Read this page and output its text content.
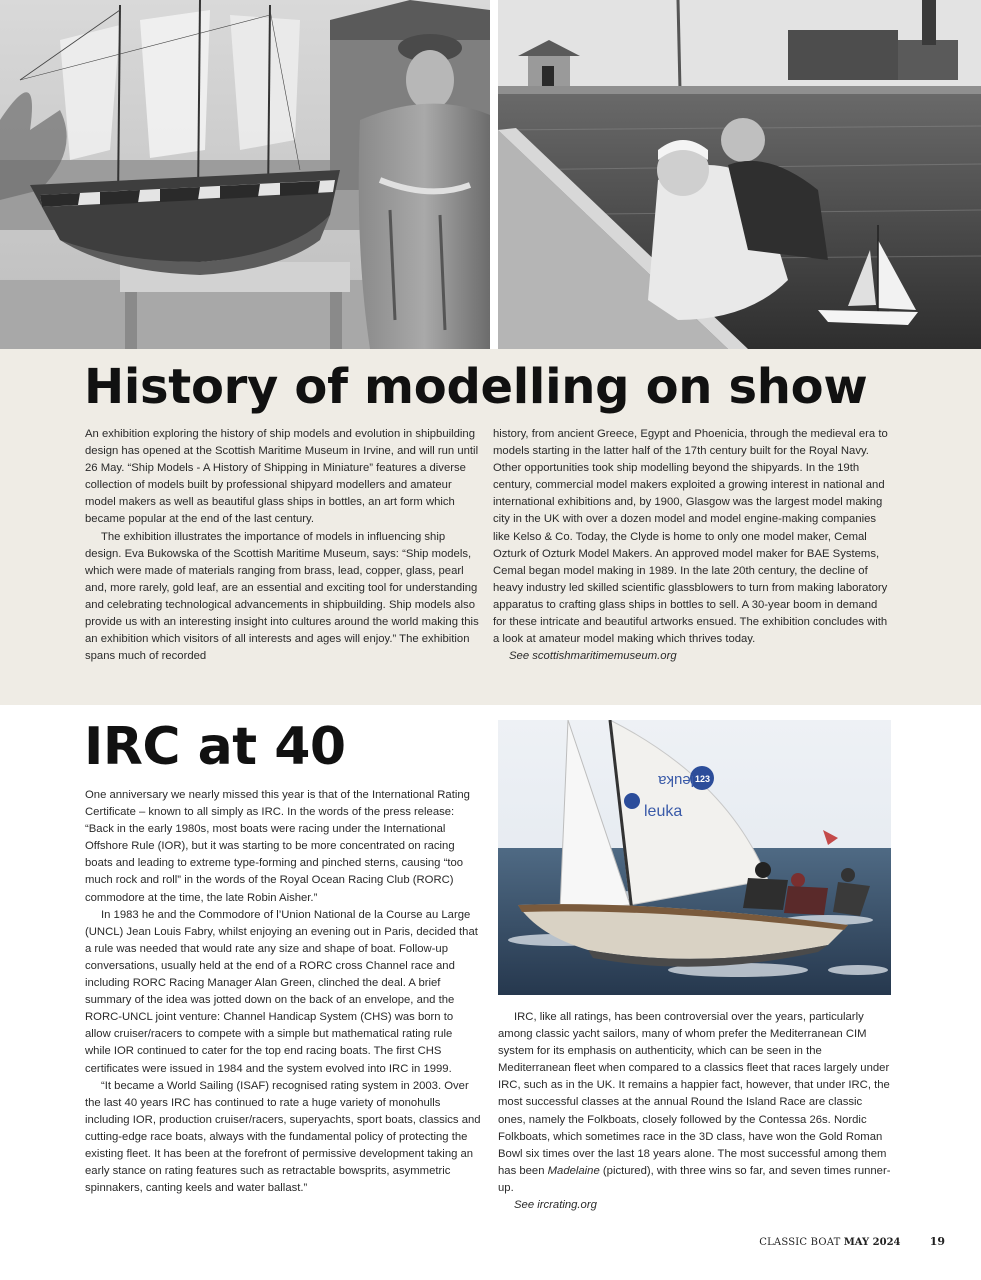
History of modelling on show

An exhibition exploring the history of ship models and evolution in shipbuilding design has opened at the Scottish Maritime Museum in Irvine, and will run until 26 May. “Ship Models - A History of Shipping in Miniature” features a diverse collection of models built by professional shipyard modellers and amateur model makers as well as beautiful glass ships in bottles, an art form which became popular at the end of the last century.

The exhibition illustrates the importance of models in influencing ship design. Eva Bukowska of the Scottish Maritime Museum, says: “Ship models, which were made of materials ranging from brass, lead, copper, glass, pearl and, more rarely, gold leaf, are an essential and exciting tool for understanding and celebrating technological advancements in shipbuilding. Ship models also provide us with an interesting insight into cultures around the world making this an exhibition which visitors of all interests and ages will enjoy.” The exhibition spans much of recorded

history, from ancient Greece, Egypt and Phoenicia, through the medieval era to models starting in the latter half of the 17th century built for the Royal Navy. Other opportunities took ship modelling beyond the shipyards. In the 19th century, commercial model makers exploited a growing interest in national and international exhibitions and, by 1900, Glasgow was the largest model making city in the UK with over a dozen model and model engine-making companies like Kelso & Co. Today, the Clyde is home to only one model maker, Cemal Ozturk of Ozturk Model Makers. An approved model maker for BAE Systems, Cemal began model making in 1989. In the late 20th century, the decline of heavy industry led skilled scientific glassblowers to turn from making laboratory apparatus to crafting glass ships in bottles to sell. A 30-year boom in demand for these intricate and beautiful artworks ensued. The exhibition concludes with a look at amateur model making which thrives today.

See scottishmaritimemuseum.org

IRC at 40

One anniversary we nearly missed this year is that of the International Rating Certificate – known to all simply as IRC. In the words of the press release: “Back in the early 1980s, most boats were racing under the International Offshore Rule (IOR), but it was starting to be more concentrated on racing boats and leading to extreme type-forming and pinched sterns, causing “too much rock and roll” in the words of the Royal Ocean Racing Club (RORC) commodore at the time, the late Robin Aisher.”

In 1983 he and the Commodore of l’Union National de la Course au Large (UNCL) Jean Louis Fabry, whilst enjoying an evening out in Paris, decided that a rule was needed that would rate any size and shape of boat. Follow-up conversations, usually held at the end of a RORC cross Channel race and including RORC Racing Manager Alan Green, clinched the deal. A brief summary of the idea was jotted down on the back of an envelope, and the RORC-UNCL joint venture: Channel Handicap System (CHS) was born to allow cruiser/racers to compete with a simple but mathematical rating rule while IOR continued to cater for the top end racing boats. The first CHS certificates were issued in 1984 and the system evolved into IRC in 1999.

“It became a World Sailing (ISAF) recognised rating system in 2003. Over the last 40 years IRC has continued to rate a huge variety of monohulls including IOR, production cruiser/racers, superyachts, sport boats, classics and cutting-edge race boats, always with the fundamental policy of protecting the existing fleet. It has been at the forefront of permissive development taking an early stance on rating features such as retractable bowsprits, asymmetric spinnakers, canting keels and water ballast.”

123
leuka
leuka

IRC, like all ratings, has been controversial over the years, particularly among classic yacht sailors, many of whom prefer the Mediterranean CIM system for its emphasis on authenticity, which can be seen in the Mediterranean fleet when compared to a classics fleet that races largely under IRC, such as in the UK. It remains a happier fact, however, that under IRC, the most successful classes at the annual Round the Island Race are classic ones, namely the Folkboats, closely followed by the Contessa 26s. Nordic Folkboats, which sometimes race in the 3D class, have won the Gold Roman Bowl six times over the last 18 years alone. The most successful among them has been Madelaine (pictured), with three wins so far, and seven times runner-up.

See ircrating.org

CLASSIC BOAT MAY 2024	19
